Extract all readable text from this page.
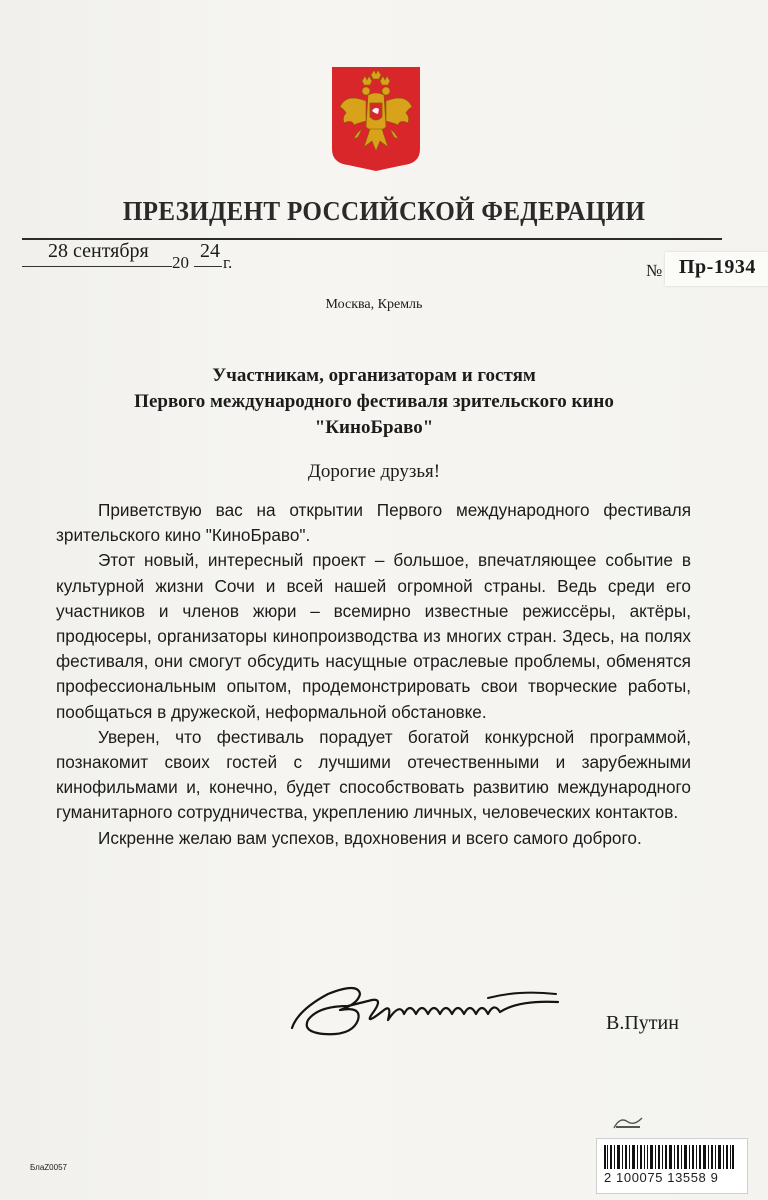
ПРЕЗИДЕНТ РОССИЙСКОЙ ФЕДЕРАЦИИ
28 сентября
20
24
г.	№ Пр-1934
Москва, Кремль
Участникам, организаторам и гостям
Первого международного фестиваля зрительского кино
"КиноБраво"
Дорогие друзья!

Приветствую вас на открытии Первого международного фестиваля зрительского кино "КиноБраво".

Этот новый, интересный проект – большое, впечатляющее событие в культурной жизни Сочи и всей нашей огромной страны. Ведь среди его участников и членов жюри – всемирно известные режиссёры, актёры, продюсеры, организаторы кинопроизводства из многих стран. Здесь, на полях фестиваля, они смогут обсудить насущные отраслевые проблемы, обменятся профессиональным опытом, продемонстрировать свои творческие работы, пообщаться в дружеской, неформальной обстановке.

Уверен, что фестиваль порадует богатой конкурсной программой, познакомит своих гостей с лучшими отечественными и зарубежными кинофильмами и, конечно, будет способствовать развитию международного гуманитарного сотрудничества, укреплению личных, человеческих контактов.

Искренне желаю вам успехов, вдохновения и всего самого доброго.

В.Путин
2 100075 13558 9
БлаZ0057
